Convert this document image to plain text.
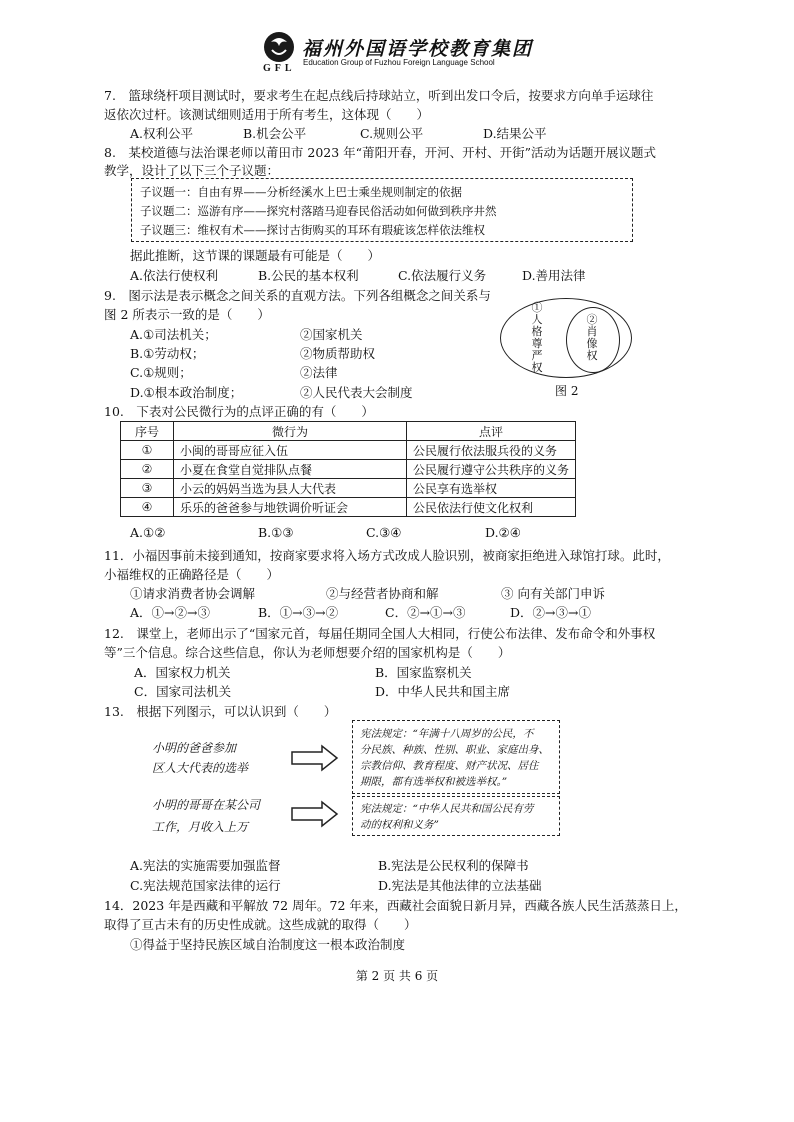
福州外国语学校教育集团
Education Group of Fuzhou Foreign Language School
GFL
7.　篮球绕杆项目测试时，要求考生在起点线后持球站立，听到出发口令后，按要求方向单手运球往
返依次过杆。该测试细则适用于所有考生，这体现（　　）
A.权利公平	B.机会公平	C.规则公平	D.结果公平
8.　某校道德与法治课老师以莆田市 2023 年“莆阳开春，开河、开村、开街”活动为话题开展议题式
教学，设计了以下三个子议题：
子议题一：自由有界——分析经溪水上巴士乘坐规则制定的依据
子议题二：巡游有序——探究村落踏马迎春民俗活动如何做到秩序井然
子议题三：维权有术——探讨古街购买的耳环有瑕疵该怎样依法维权
据此推断，这节课的课题最有可能是（　　）
A.依法行使权利	B.公民的基本权利	C.依法履行义务	D.善用法律
9.　图示法是表示概念之间关系的直观方法。下列各组概念之间关系与
图 2 所表示一致的是（　　）
A.①司法机关；	②国家机关
B.①劳动权；	②物质帮助权
C.①规则；	②法律
D.①根本政治制度；	②人民代表大会制度
①人格尊严权
②肖像权
图 2
10.　下表对公民微行为的点评正确的有（　　）
序号	微行为	点评
①	小闽的哥哥应征入伍	公民履行依法服兵役的义务
②	小夏在食堂自觉排队点餐	公民履行遵守公共秩序的义务
③	小云的妈妈当选为县人大代表	公民享有选举权
④	乐乐的爸爸参与地铁调价听证会	公民依法行使文化权利
A.①②	B.①③	C.③④	D.②④
11．小福因事前未接到通知，按商家要求将入场方式改成人脸识别，被商家拒绝进入球馆打球。此时，
小福维权的正确路径是（　　）
①请求消费者协会调解	②与经营者协商和解	③ 向有关部门申诉
A．①→②→③	B．①→③→②	C．②→①→③	D．②→③→①
12.　课堂上，老师出示了“国家元首，每届任期同全国人大相同，行使公布法律、发布命令和外事权
等”三个信息。综合这些信息，你认为老师想要介绍的国家机构是（　　）
A．国家权力机关	B．国家监察机关
C．国家司法机关	D．中华人民共和国主席
13.　根据下列图示，可以认识到（　　）
小明的爸爸参加
区人大代表的选举
小明的哥哥在某公司
工作，月收入上万
宪法规定：“年满十八周岁的公民，不
分民族、种族、性别、职业、家庭出身、
宗教信仰、教育程度、财产状况、居住
期限，都有选举权和被选举权。”
宪法规定：“中华人民共和国公民有劳
动的权利和义务”
A.宪法的实施需要加强监督	B.宪法是公民权利的保障书
C.宪法规范国家法律的运行	D.宪法是其他法律的立法基础
14．2023 年是西藏和平解放 72 周年。72 年来，西藏社会面貌日新月异，西藏各族人民生活蒸蒸日上，
取得了亘古未有的历史性成就。这些成就的取得（　　）
①得益于坚持民族区域自治制度这一根本政治制度
第 2 页 共 6 页
